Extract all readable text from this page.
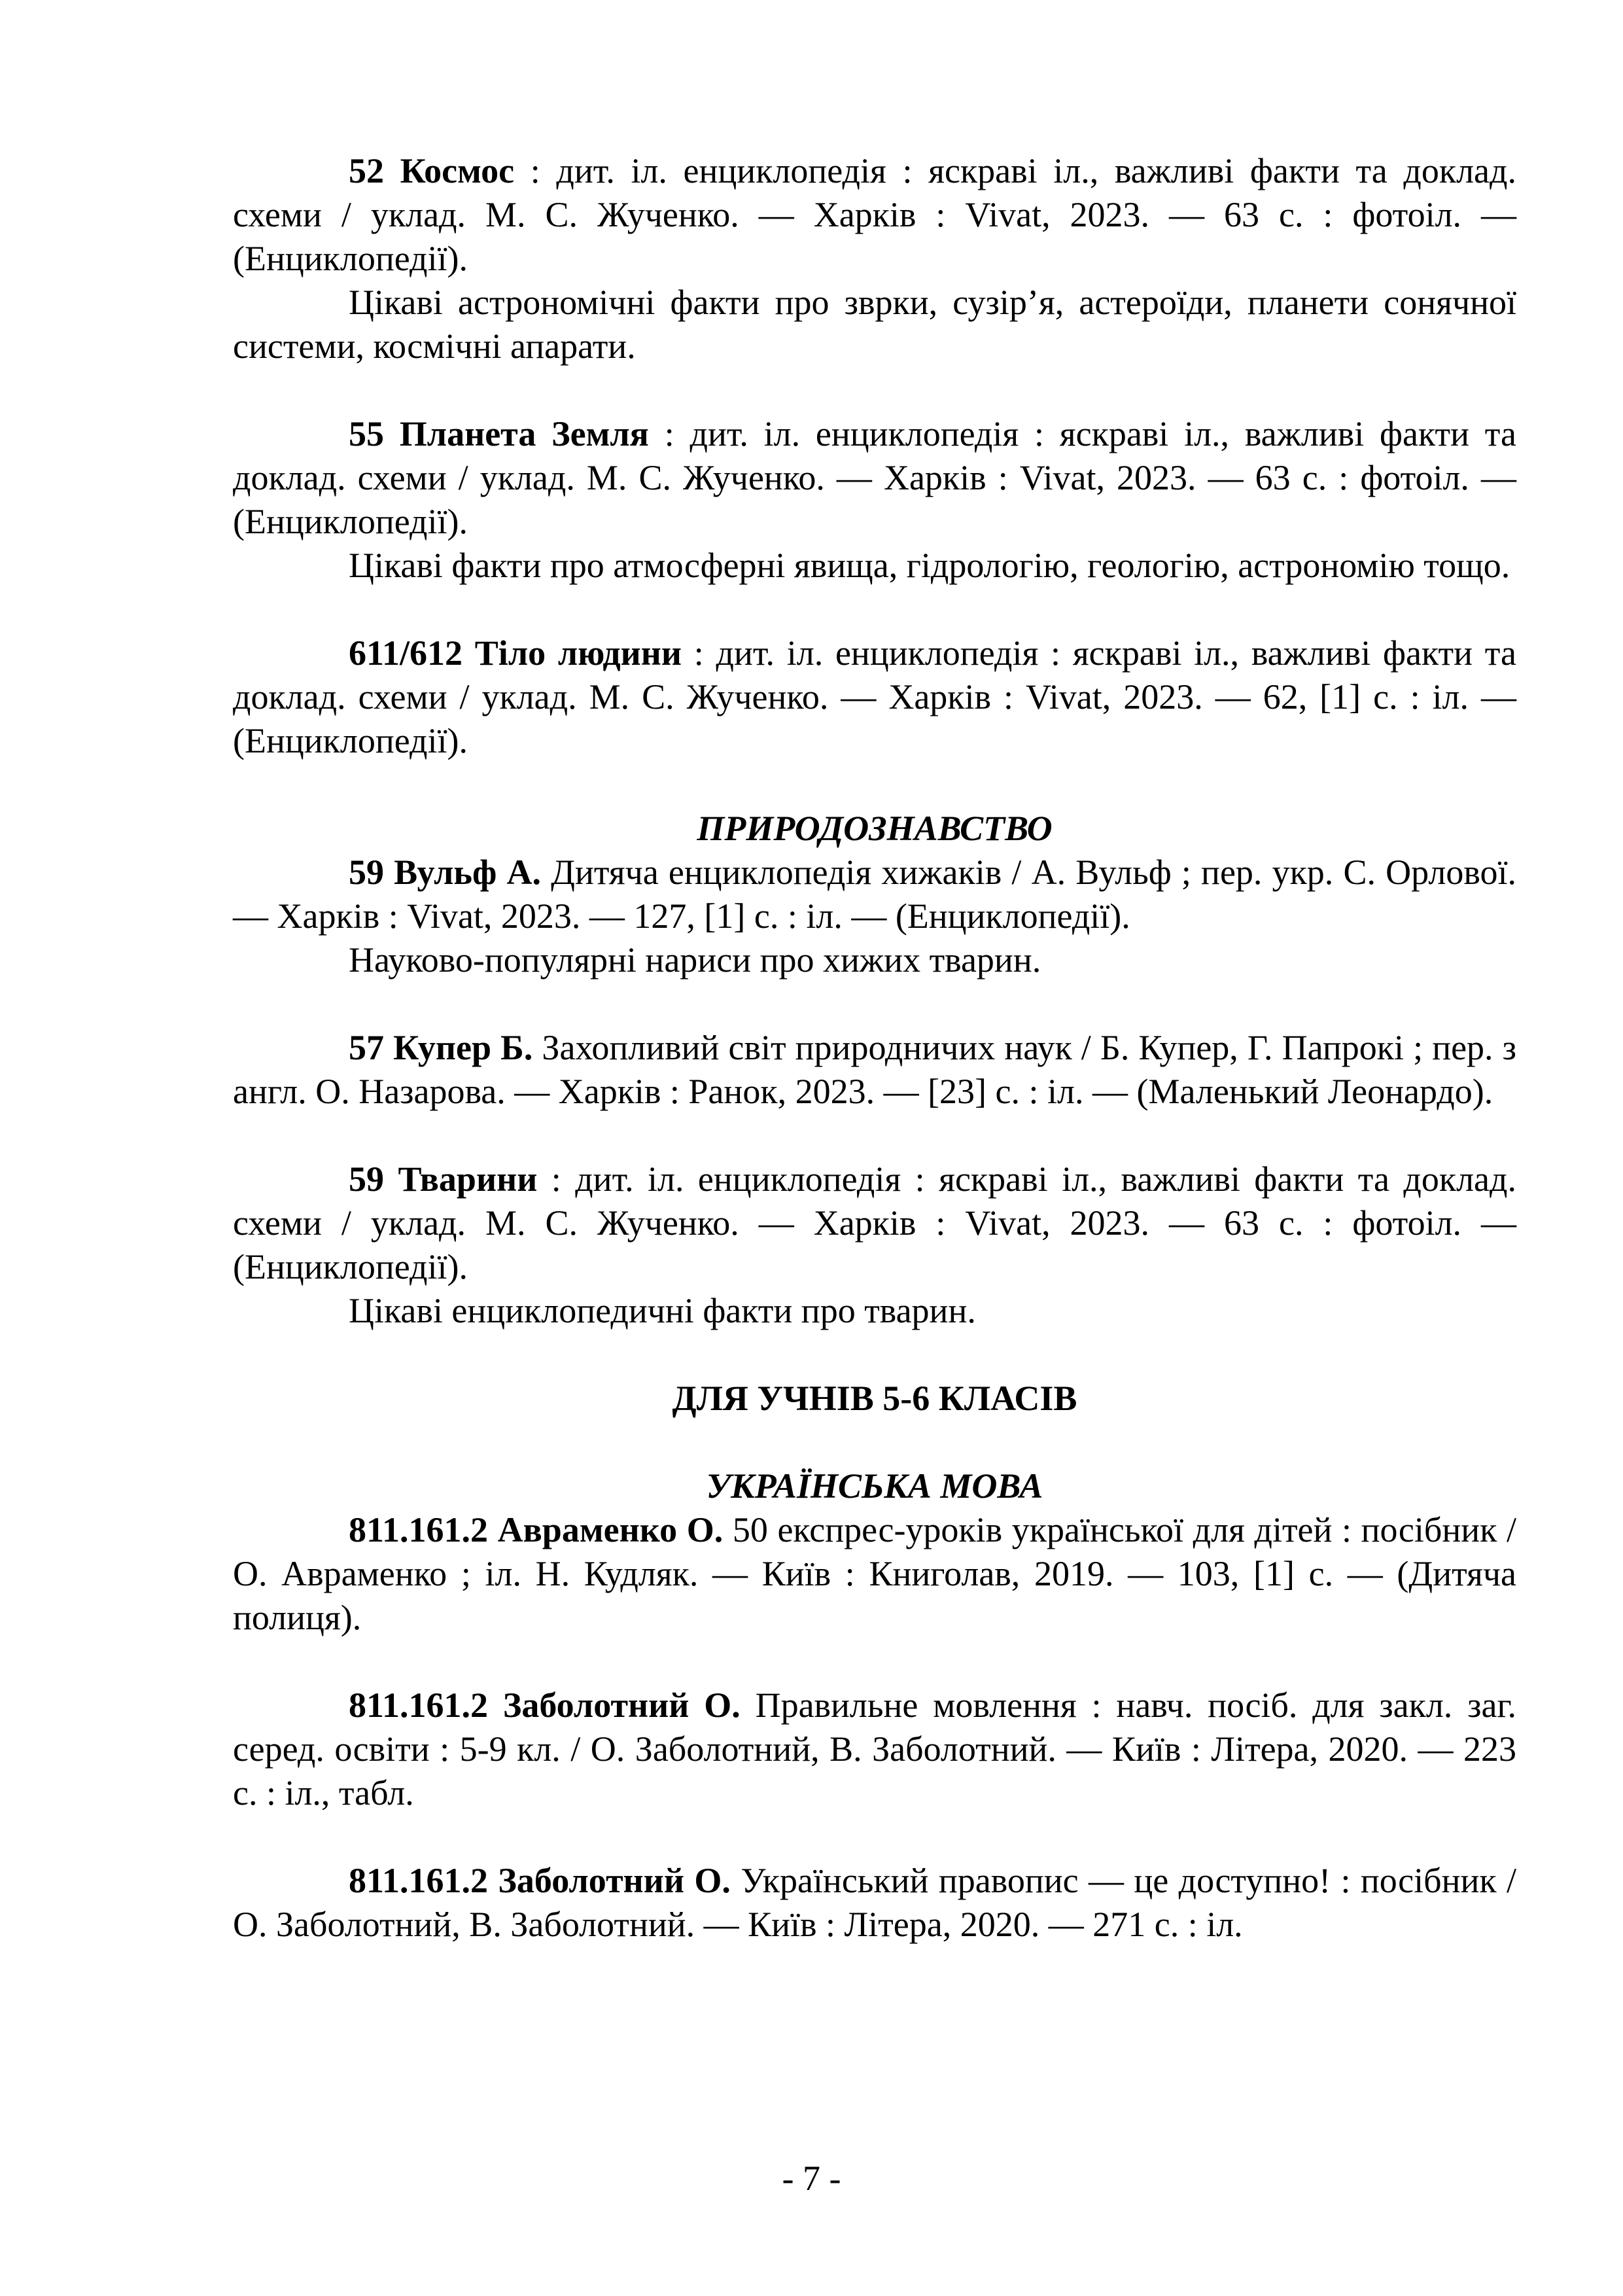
52 Космос : дит. іл. енциклопедія : яскраві іл., важливі факти та доклад. схеми / уклад. М. С. Жученко. — Харків : Vivat, 2023. — 63 с. : фотоіл. — (Енциклопедії).

Цікаві астрономічні факти про зврки, сузір’я, астероїди, планети сонячної системи, космічні апарати.

55 Планета Земля : дит. іл. енциклопедія : яскраві іл., важливі факти та доклад. схеми / уклад. М. С. Жученко. — Харків : Vivat, 2023. — 63 с. : фотоіл. — (Енциклопедії).

Цікаві факти про атмосферні явища, гідрологію, геологію, астрономію тощо.

611/612 Тіло людини : дит. іл. енциклопедія : яскраві іл., важливі факти та доклад. схеми / уклад. М. С. Жученко. — Харків : Vivat, 2023. — 62, [1] с. : іл. — (Енциклопедії).

ПРИРОДОЗНАВСТВО

59 Вульф А. Дитяча енциклопедія хижаків / А. Вульф ; пер. укр. С. Орлової. — Харків : Vivat, 2023. — 127, [1] с. : іл. — (Енциклопедії).

Науково-популярні нариси про хижих тварин.

57 Купер Б. Захопливий світ природничих наук / Б. Купер, Г. Папрокі ; пер. з англ. О. Назарова. — Харків : Ранок, 2023. — [23] с. : іл. — (Маленький Леонардо).

59 Тварини : дит. іл. енциклопедія : яскраві іл., важливі факти та доклад. схеми / уклад. М. С. Жученко. — Харків : Vivat, 2023. — 63 с. : фотоіл. — (Енциклопедії).

Цікаві енциклопедичні факти про тварин.

ДЛЯ УЧНІВ 5-6 КЛАСІВ

УКРАЇНСЬКА МОВА

811.161.2 Авраменко О. 50 експрес-уроків української для дітей : посібник / О. Авраменко ; іл. Н. Кудляк. — Київ : Книголав, 2019. — 103, [1] с. — (Дитяча полиця).

811.161.2 Заболотний О. Правильне мовлення : навч. посіб. для закл. заг. серед. освіти : 5-9 кл. / О. Заболотний, В. Заболотний. — Київ : Літера, 2020. — 223 с. : іл., табл.

811.161.2 Заболотний О. Український правопис — це доступно! : посібник / О. Заболотний, В. Заболотний. — Київ : Літера, 2020. — 271 с. : іл.

- 7 -
